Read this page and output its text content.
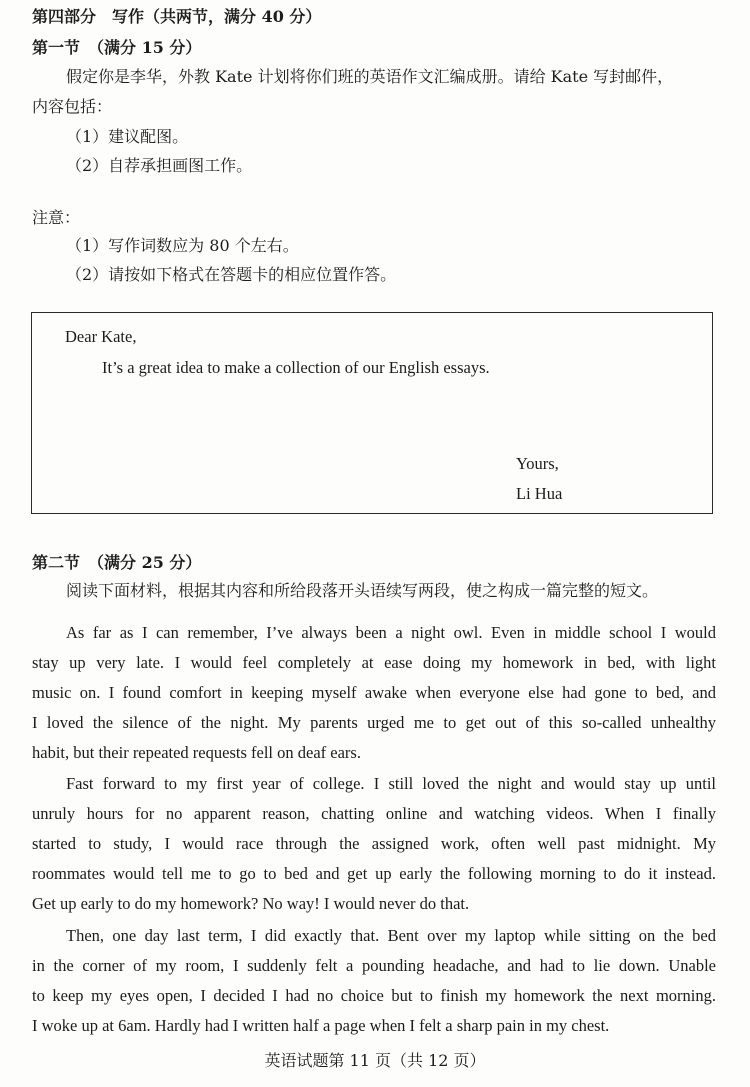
第四部分　写作（共两节，满分 40 分）
第一节　（满分 15 分）
假定你是李华，外教 Kate 计划将你们班的英语作文汇编成册。请给 Kate 写封邮件，
内容包括：
（1）建议配图。
（2）自荐承担画图工作。
注意：
（1）写作词数应为 80 个左右。
（2）请按如下格式在答题卡的相应位置作答。
Dear Kate,
It’s a great idea to make a collection of our English essays.
Yours,
Li Hua
第二节　（满分 25 分）
阅读下面材料，根据其内容和所给段落开头语续写两段，使之构成一篇完整的短文。
As far as I can remember, I’ve always been a night owl. Even in middle school I would
stay up very late. I would feel completely at ease doing my homework in bed, with light
music on. I found comfort in keeping myself awake when everyone else had gone to bed, and
I loved the silence of the night. My parents urged me to get out of this so-called unhealthy
habit, but their repeated requests fell on deaf ears.
Fast forward to my first year of college. I still loved the night and would stay up until
unruly hours for no apparent reason, chatting online and watching videos. When I finally
started to study, I would race through the assigned work, often well past midnight. My
roommates would tell me to go to bed and get up early the following morning to do it instead.
Get up early to do my homework? No way! I would never do that.
Then, one day last term, I did exactly that. Bent over my laptop while sitting on the bed
in the corner of my room, I suddenly felt a pounding headache, and had to lie down. Unable
to keep my eyes open, I decided I had no choice but to finish my homework the next morning.
I woke up at 6am. Hardly had I written half a page when I felt a sharp pain in my chest.
英语试题第 11 页（共 12 页）
